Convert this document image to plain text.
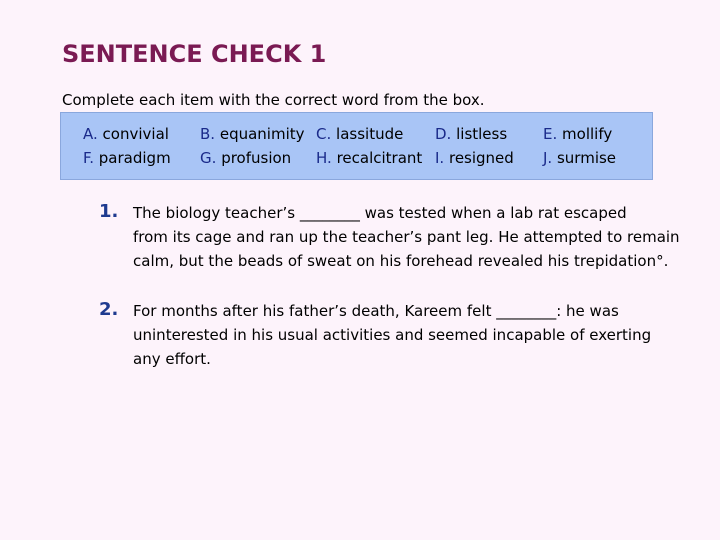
SENTENCE CHECK 1
Complete each item with the correct word from the box.
A. convivial B. equanimity C. lassitude D. listless E. mollify
F. paradigm G. profusion H. recalcitrant I. resigned J. surmise
1. The biology teacher’s ________ was tested when a lab rat escaped
from its cage and ran up the teacher’s pant leg. He attempted to remain
calm, but the beads of sweat on his forehead revealed his trepidation°.
2. For months after his father’s death, Kareem felt ________: he was
uninterested in his usual activities and seemed incapable of exerting
any effort.
